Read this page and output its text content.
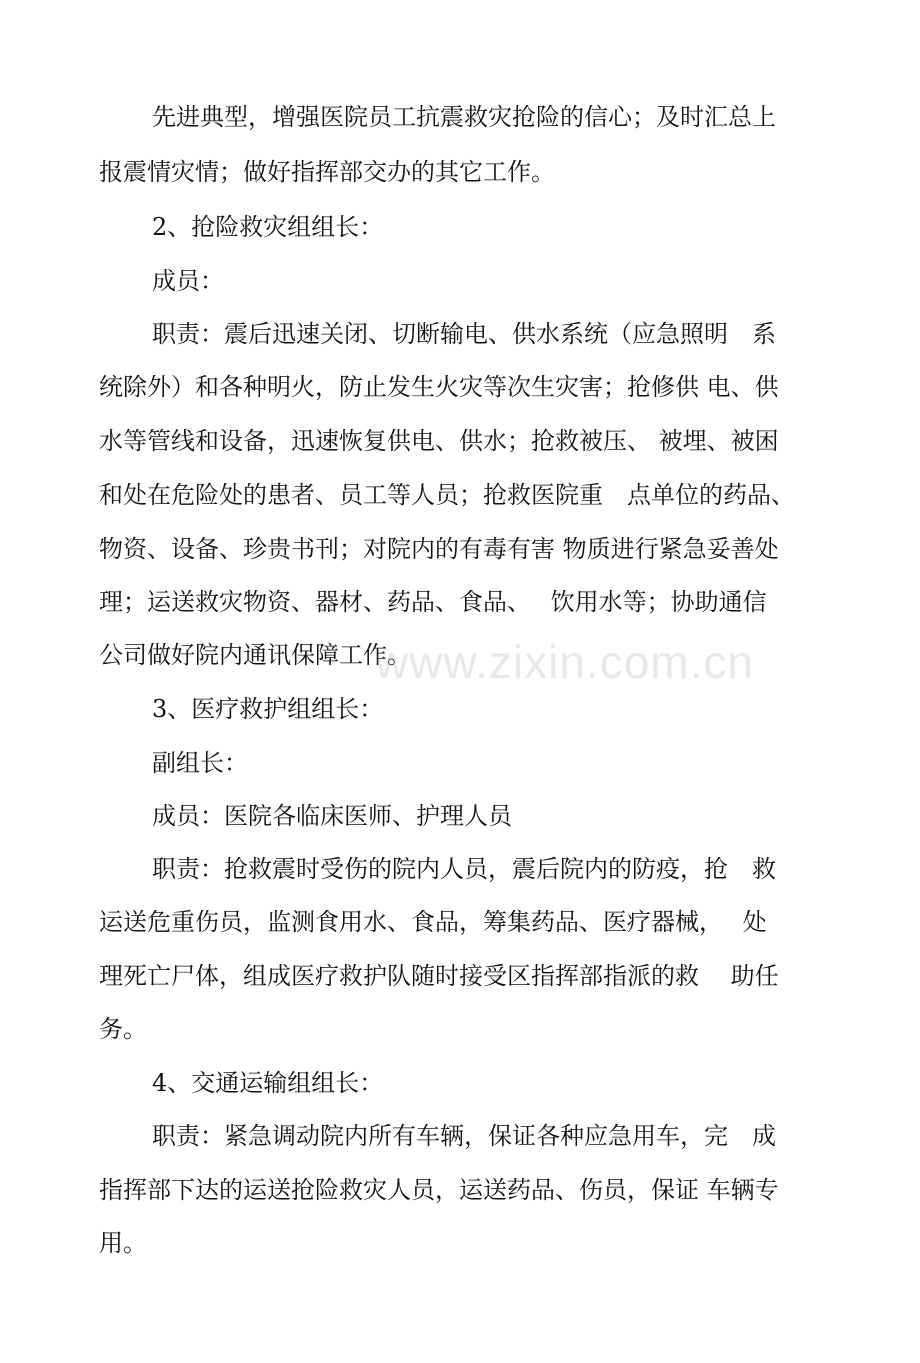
先进典型，增强医院员工抗震救灾抢险的信心；及时汇总上
报震情灾情；做好指挥部交办的其它工作。
2、抢险救灾组组长：
成员：
职责：震后迅速关闭、切断输电、供水系统（应急照明　系
统除外）和各种明火，防止发生火灾等次生灾害；抢修供 电、供
水等管线和设备，迅速恢复供电、供水；抢救被压、 被埋、被困
和处在危险处的患者、员工等人员；抢救医院重　点单位的药品、
物资、设备、珍贵书刊；对院内的有毒有害 物质进行紧急妥善处
理；运送救灾物资、器材、药品、食品、　 饮用水等；协助通信
公司做好院内通讯保障工作。
3、医疗救护组组长：
副组长：
成员：医院各临床医师、护理人员
职责：抢救震时受伤的院内人员，震后院内的防疫，抢　救
运送危重伤员，监测食用水、食品，筹集药品、医疗器械，　 处
理死亡尸体，组成医疗救护队随时接受区指挥部指派的救　 助任
务。
4、交通运输组组长：
职责：紧急调动院内所有车辆，保证各种应急用车，完　成
指挥部下达的运送抢险救灾人员，运送药品、伤员，保证 车辆专
用。
www.zixin.com.cn
